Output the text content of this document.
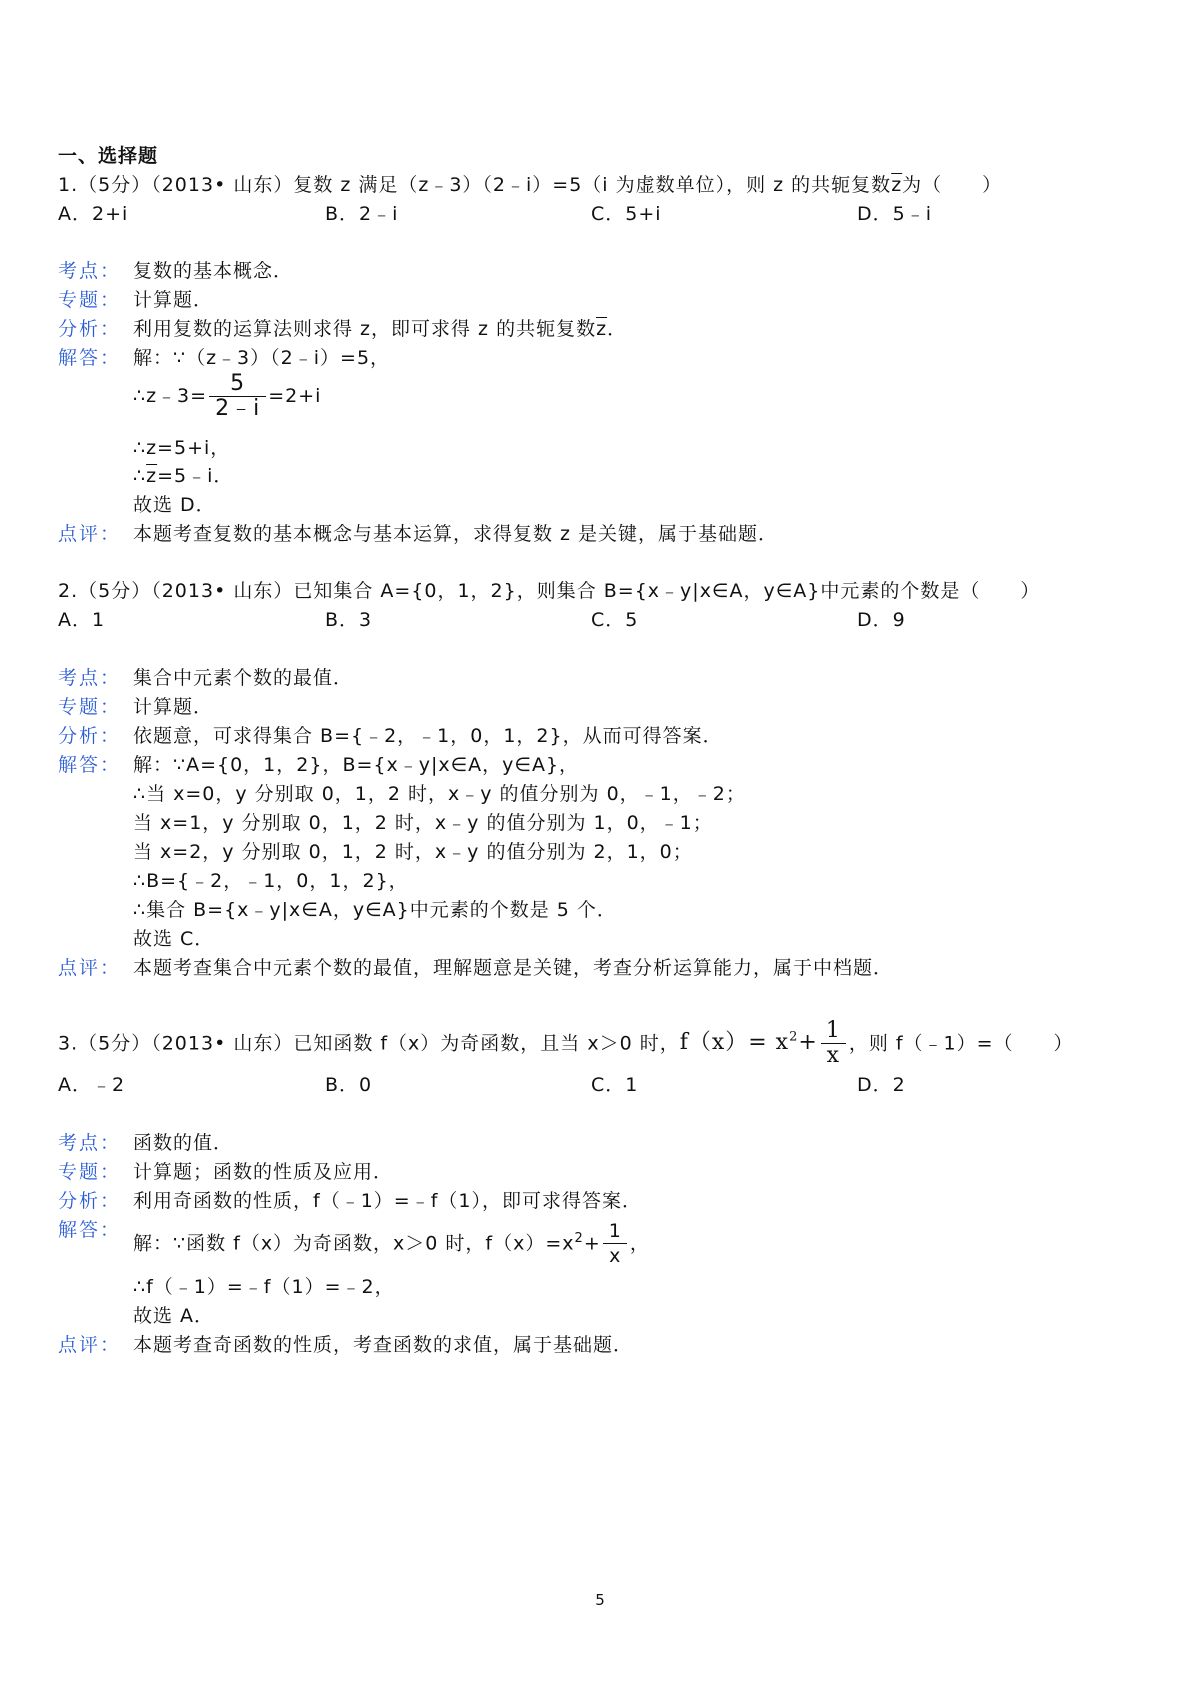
一、选择题
1.（5分）（2013• 山东）复数 z 满足（z﹣3）（2﹣i）=5（i 为虚数单位），则 z 的共轭复数$\overline{z}$为（　　）
A．2+i	B．2﹣i	C．5+i	D．5﹣i
考点： 复数的基本概念．
专题： 计算题．
分析： 利用复数的运算法则求得 z，即可求得 z 的共轭复数$\overline{z}$．
解答： 解：∵（z﹣3）（2﹣i）=5，
∴z﹣3= $\frac{5}{2﹣i} =2+i$
∴z=5+i，
$\therefore\overline{z}=5﹣i$．
故选 D．
点评： 本题考查复数的基本概念与基本运算，求得复数 z 是关键，属于基础题．
2.（5分）（2013• 山东）已知集合 A={0，1，2}，则集合 B={x﹣y|x∈A，y∈A}中元素的个数是（　　）
A．1	B．3	C．5	D．9
考点： 集合中元素个数的最值．
专题： 计算题．
分析： 依题意，可求得集合 B={﹣2，﹣1，0，1，2}，从而可得答案．
解答： 解：∵A={0，1，2}，B={x﹣y|x∈A，y∈A}，
∴当 x=0，y 分别取 0，1，2 时，x﹣y 的值分别为 0，﹣1，﹣2；
当 x=1，y 分别取 0，1，2 时，x﹣y 的值分别为 1，0，﹣1；
当 x=2，y 分别取 0，1，2 时，x﹣y 的值分别为 2，1，0；
∴B={﹣2，﹣1，0，1，2}，
∴集合 B={x﹣y|x∈A，y∈A}中元素的个数是 5 个．
故选 C．
点评： 本题考查集合中元素个数的最值，理解题意是关键，考查分析运算能力，属于中档题．
3.（5分）（2013• 山东）已知函数 f（x）为奇函数，且当 x＞0 时，$f(x)= x^2+ \frac{1}{x}$ ，则 f（﹣1）=（　　）
A．﹣2	B．0	C．1	D．2
考点： 函数的值．
专题： 计算题；函数的性质及应用．
分析： 利用奇函数的性质，f（﹣1）=﹣f（1），即可求得答案．
解答：
解：∵函数 f（x）为奇函数，x＞0 时，$f(x)=x^2+ \frac{1}{x}$ ，
∴f（﹣1）=﹣f（1）=﹣2，
故选 A．
点评： 本题考查奇函数的性质，考查函数的求值，属于基础题．
5
